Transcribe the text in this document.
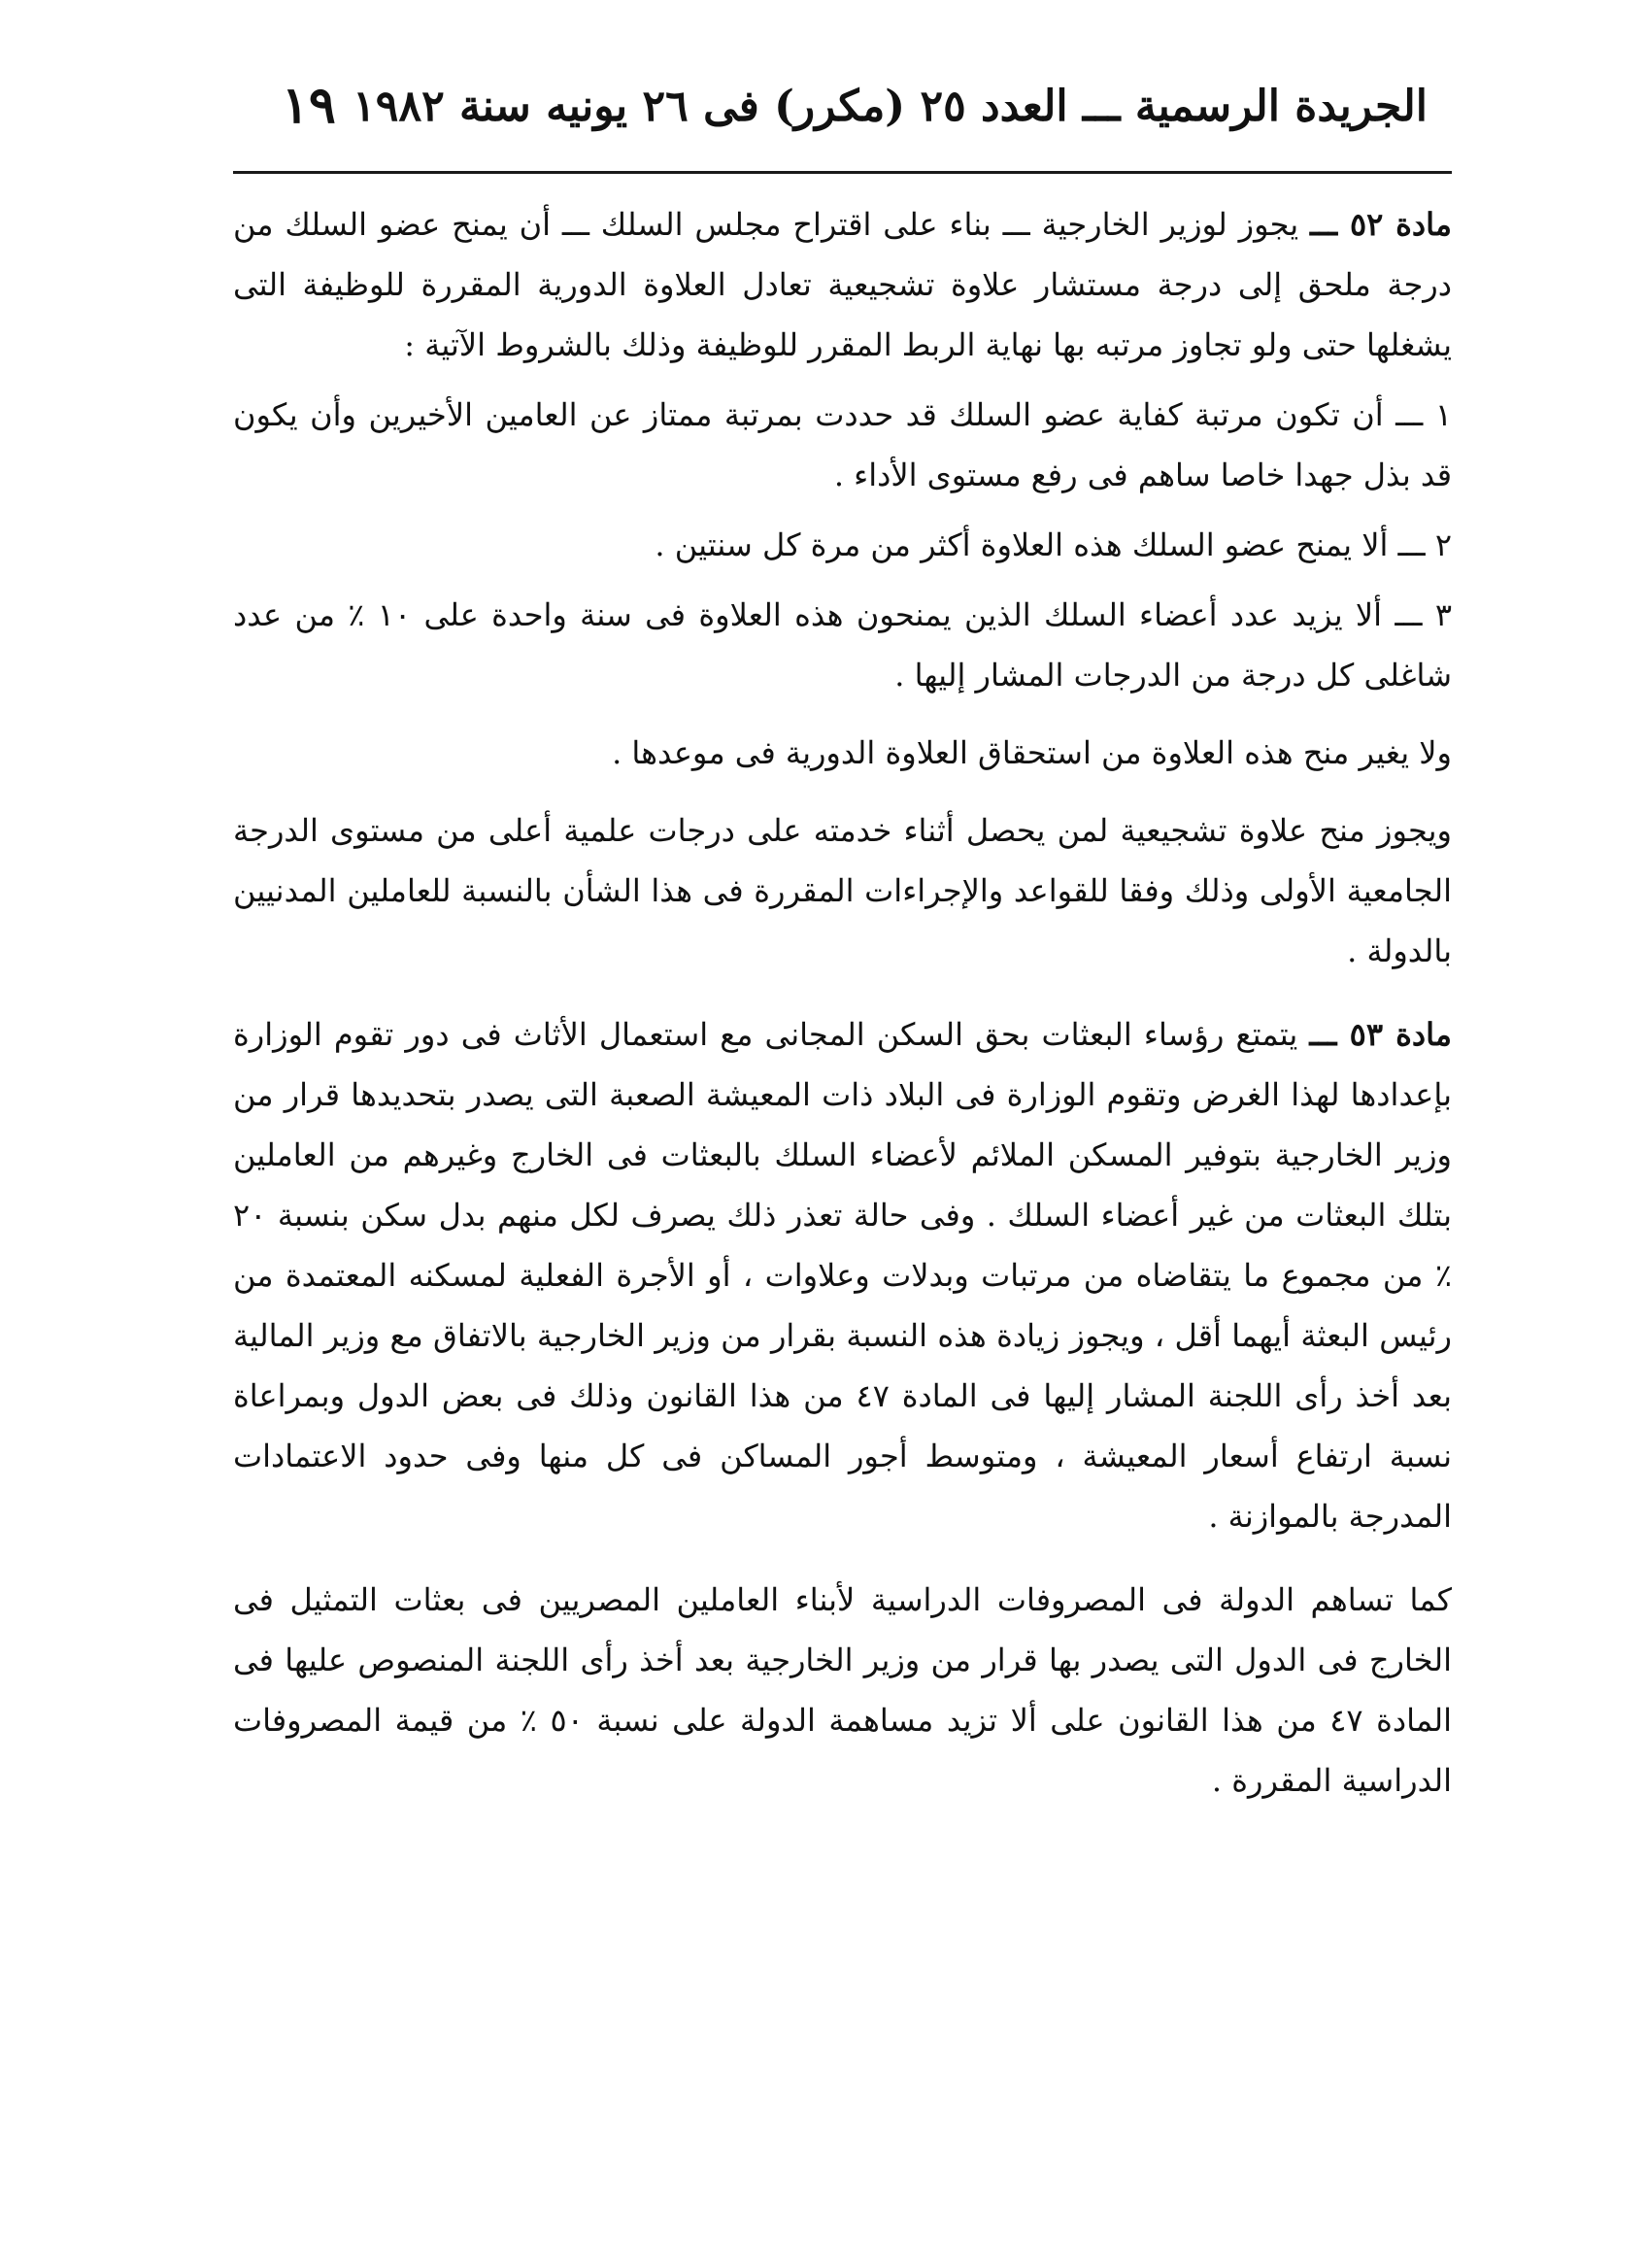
الجريدة الرسمية ـــ العدد ٢٥ (مكرر) فى ٢٦ يونيه سنة ١٩٨٢
١٩

مادة ٥٢ ـــ يجوز لوزير الخارجية ـــ بناء على اقتراح مجلس السلك ـــ أن يمنح عضو السلك من درجة ملحق إلى درجة مستشار علاوة تشجيعية تعادل العلاوة الدورية المقررة للوظيفة التى يشغلها حتى ولو تجاوز مرتبه بها نهاية الربط المقرر للوظيفة وذلك بالشروط الآتية :

١ ـــ أن تكون مرتبة كفاية عضو السلك قد حددت بمرتبة ممتاز عن العامين الأخيرين وأن يكون قد بذل جهدا خاصا ساهم فى رفع مستوى الأداء .

٢ ـــ ألا يمنح عضو السلك هذه العلاوة أكثر من مرة كل سنتين .

٣ ـــ ألا يزيد عدد أعضاء السلك الذين يمنحون هذه العلاوة فى سنة واحدة على ١٠ ٪ من عدد شاغلى كل درجة من الدرجات المشار إليها .

ولا يغير منح هذه العلاوة من استحقاق العلاوة الدورية فى موعدها .

ويجوز منح علاوة تشجيعية لمن يحصل أثناء خدمته على درجات علمية أعلى من مستوى الدرجة الجامعية الأولى وذلك وفقا للقواعد والإجراءات المقررة فى هذا الشأن بالنسبة للعاملين المدنيين بالدولة .

مادة ٥٣ ـــ يتمتع رؤساء البعثات بحق السكن المجانى مع استعمال الأثاث فى دور تقوم الوزارة بإعدادها لهذا الغرض وتقوم الوزارة فى البلاد ذات المعيشة الصعبة التى يصدر بتحديدها قرار من وزير الخارجية بتوفير المسكن الملائم لأعضاء السلك بالبعثات فى الخارج وغيرهم من العاملين بتلك البعثات من غير أعضاء السلك . وفى حالة تعذر ذلك يصرف لكل منهم بدل سكن بنسبة ٢٠ ٪ من مجموع ما يتقاضاه من مرتبات وبدلات وعلاوات ، أو الأجرة الفعلية لمسكنه المعتمدة من رئيس البعثة أيهما أقل ، ويجوز زيادة هذه النسبة بقرار من وزير الخارجية بالاتفاق مع وزير المالية بعد أخذ رأى اللجنة المشار إليها فى المادة ٤٧ من هذا القانون وذلك فى بعض الدول وبمراعاة نسبة ارتفاع أسعار المعيشة ، ومتوسط أجور المساكن فى كل منها وفى حدود الاعتمادات المدرجة بالموازنة .

كما تساهم الدولة فى المصروفات الدراسية لأبناء العاملين المصريين فى بعثات التمثيل فى الخارج فى الدول التى يصدر بها قرار من وزير الخارجية بعد أخذ رأى اللجنة المنصوص عليها فى المادة ٤٧ من هذا القانون على ألا تزيد مساهمة الدولة على نسبة ٥٠ ٪ من قيمة المصروفات الدراسية المقررة .
